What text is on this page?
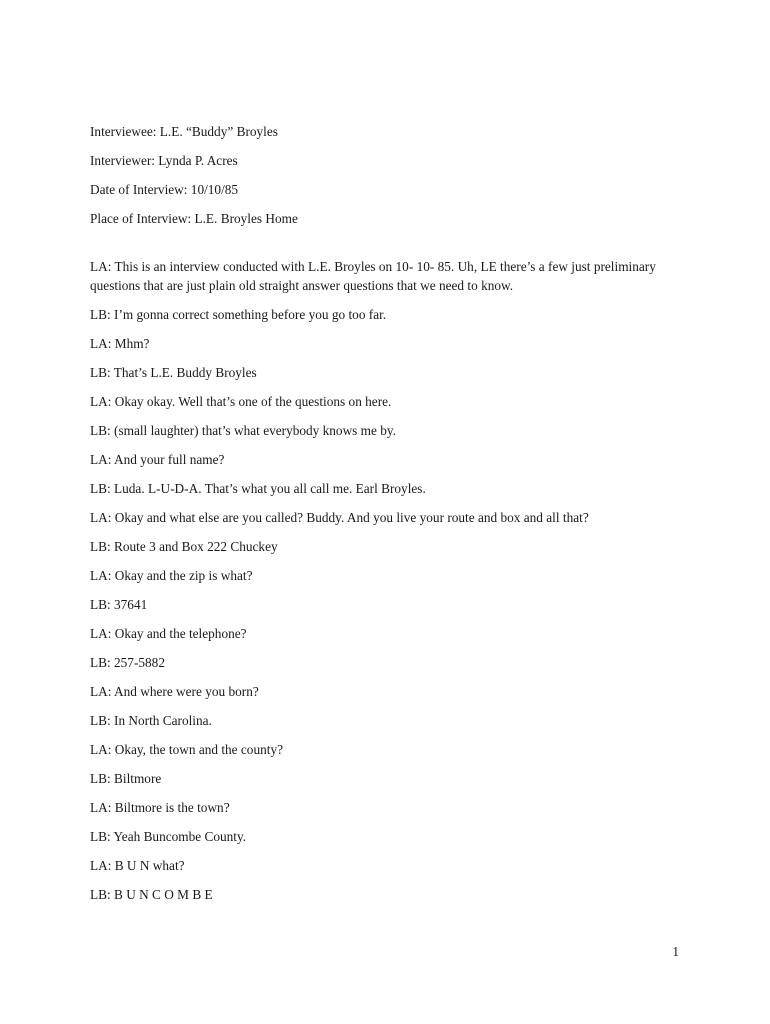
Interviewee: L.E. “Buddy” Broyles

Interviewer: Lynda P. Acres

Date of Interview: 10/10/85

Place of Interview: L.E. Broyles Home

LA: This is an interview conducted with L.E. Broyles on 10- 10- 85. Uh, LE there’s a few just preliminary questions that are just plain old straight answer questions that we need to know.

LB: I’m gonna correct something before you go too far.

LA: Mhm?

LB: That’s L.E. Buddy Broyles

LA: Okay okay. Well that’s one of the questions on here.

LB: (small laughter) that’s what everybody knows me by.

LA: And your full name?

LB: Luda. L-U-D-A. That’s what you all call me. Earl Broyles.

LA: Okay and what else are you called? Buddy. And you live your route and box and all that?

LB: Route 3 and Box 222 Chuckey

LA: Okay and the zip is what?

LB: 37641

LA: Okay and the telephone?

LB: 257-5882

LA: And where were you born?

LB: In North Carolina.

LA: Okay, the town and the county?

LB: Biltmore

LA: Biltmore is the town?

LB: Yeah Buncombe County.

LA: B U N what?

LB: B U N C O M B E

1
